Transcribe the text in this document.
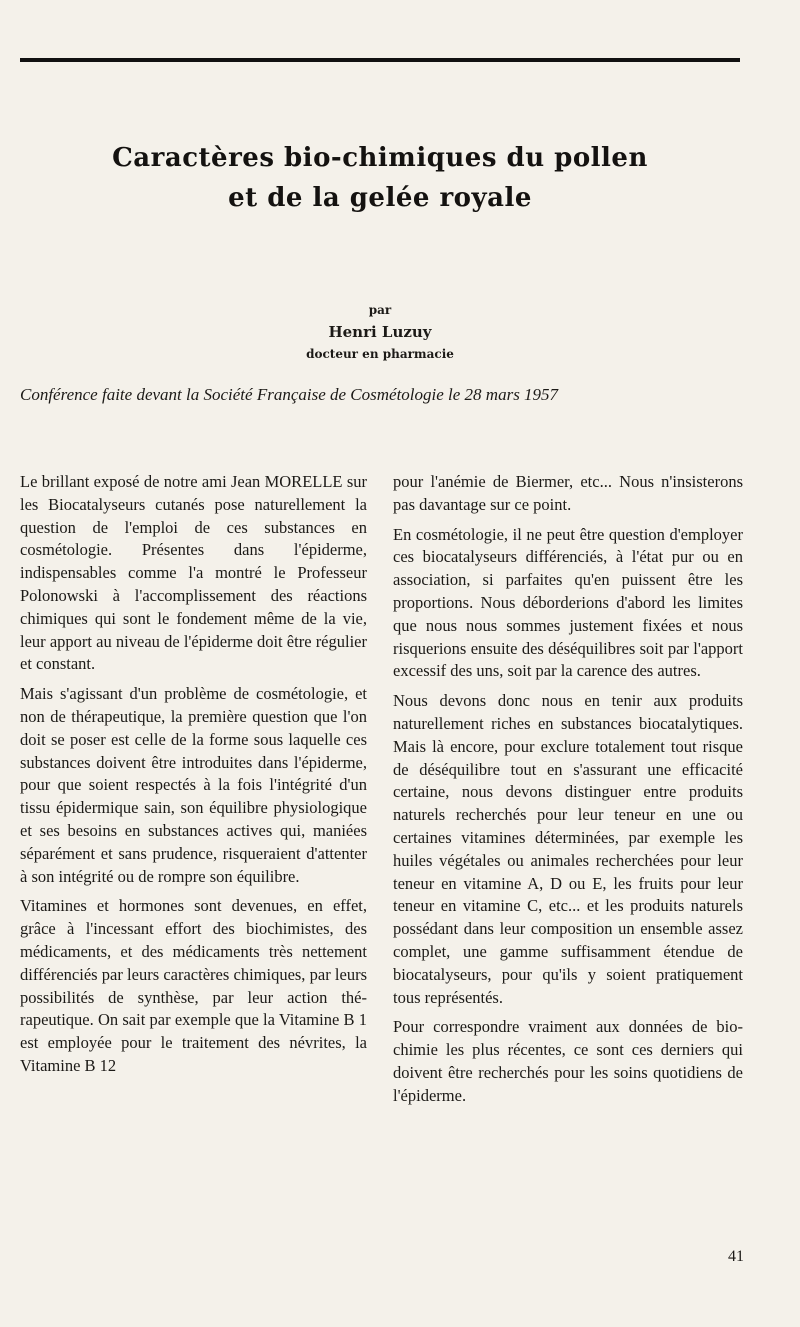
Caractères bio-chimiques du pollen
et de la gelée royale
par
Henri Luzuy
docteur en pharmacie
Conférence faite devant la Société Française de Cosmétologie le 28 mars 1957

Le brillant exposé de notre ami Jean MORELLE sur les Biocatalyseurs cutanés pose naturellement la question de l'emploi de ces substances en cosmétologie. Présentes dans l'épiderme, indispensables comme l'a montré le Professeur Polonowski à l'accomplissement des réactions chimiques qui sont le fondement même de la vie, leur apport au niveau de l'épiderme doit être régulier et constant.

Mais s'agissant d'un problème de cosmétologie, et non de thérapeutique, la première question que l'on doit se poser est celle de la forme sous laquelle ces substances doivent être introduites dans l'épiderme, pour que soient respectés à la fois l'intégrité d'un tissu épidermique sain, son équilibre physiologique et ses besoins en substances actives qui, maniées séparément et sans prudence, risqueraient d'attenter à son intégrité ou de rompre son équilibre.

Vitamines et hormones sont devenues, en effet, grâce à l'incessant effort des biochimistes, des médicaments, et des médicaments très nettement différenciés par leurs caractères chimiques, par leurs possibilités de synthèse, par leur action thérapeutique. On sait par exemple que la Vitamine B 1 est employée pour le traitement des névrites, la Vitamine B 12

pour l'anémie de Biermer, etc... Nous n'insisterons pas davantage sur ce point.

En cosmétologie, il ne peut être question d'employer ces biocatalyseurs différenciés, à l'état pur ou en association, si parfaites qu'en puissent être les proportions. Nous déborderions d'abord les limites que nous nous sommes justement fixées et nous risquerions ensuite des déséquilibres soit par l'apport excessif des uns, soit par la carence des autres.

Nous devons donc nous en tenir aux produits naturellement riches en substances biocatalytiques. Mais là encore, pour exclure totalement tout risque de déséquilibre tout en s'assurant une efficacité certaine, nous devons distinguer entre produits naturels recherchés pour leur teneur en une ou certaines vitamines déterminées, par exemple les huiles végétales ou animales recherchées pour leur teneur en vitamine A, D ou E, les fruits pour leur teneur en vitamine C, etc... et les produits naturels possédant dans leur composition un ensemble assez complet, une gamme suffisamment étendue de biocatalyseurs, pour qu'ils y soient pratiquement tous représentés.

Pour correspondre vraiment aux données de bio-chimie les plus récentes, ce sont ces derniers qui doivent être recherchés pour les soins quotidiens de l'épiderme.

41
